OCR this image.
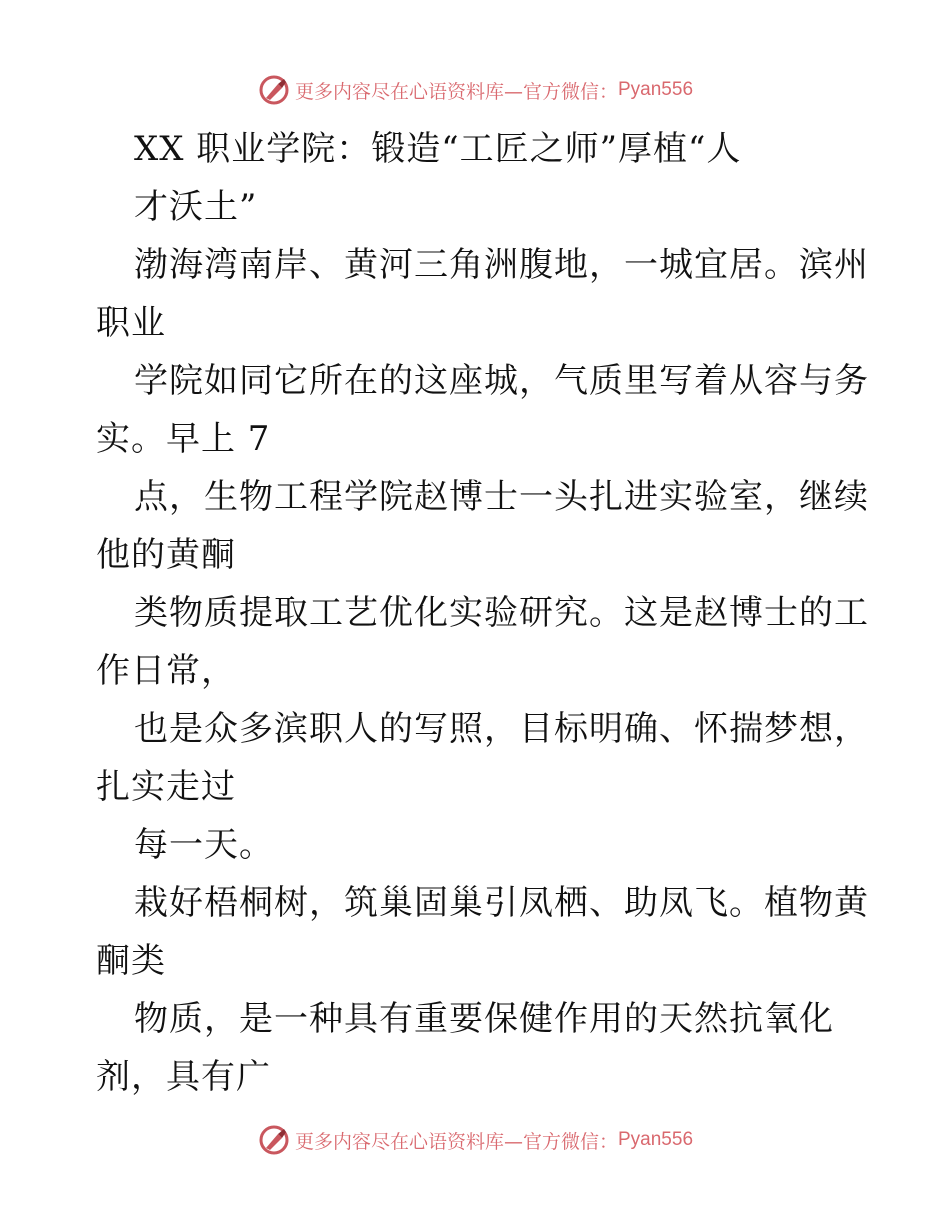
更多内容尽在心语资料库—官方微信： Pyan556
XX 职业学院：锻造“工匠之师”厚植“人
才沃土”
渤海湾南岸、黄河三角洲腹地，一城宜居。滨州
职业
学院如同它所在的这座城，气质里写着从容与务
实。早上 7
点，生物工程学院赵博士一头扎进实验室，继续
他的黄酮
类物质提取工艺优化实验研究。这是赵博士的工
作日常，
也是众多滨职人的写照，目标明确、怀揣梦想，
扎实走过
每一天。
栽好梧桐树，筑巢固巢引凤栖、助凤飞。植物黄
酮类
物质，是一种具有重要保健作用的天然抗氧化
剂，具有广
更多内容尽在心语资料库—官方微信： Pyan556
